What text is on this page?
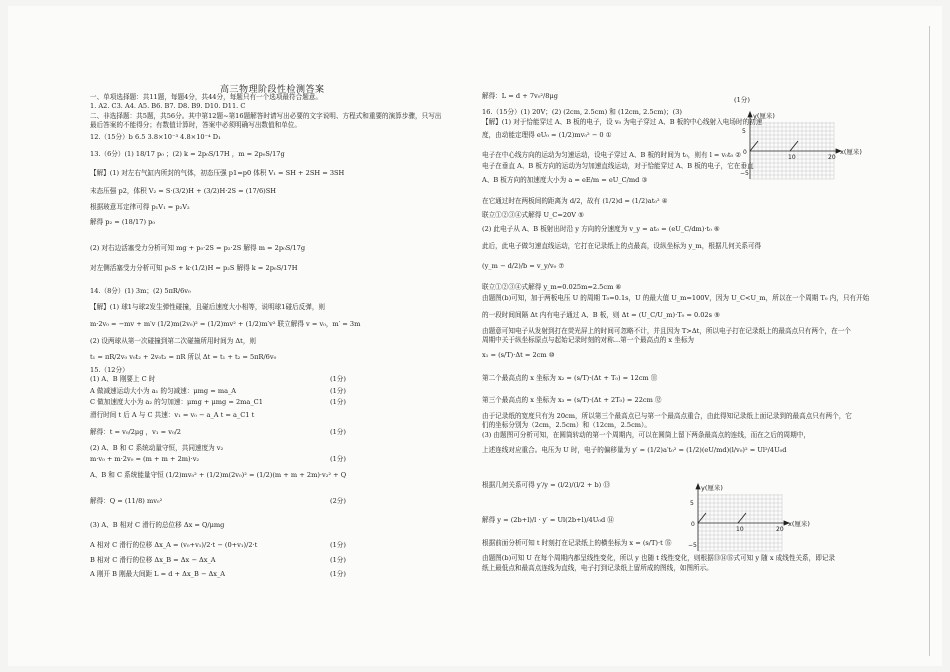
高三物理阶段性检测答案
一、单项选择题：共11题，每题4分，共44分，每题只有一个选项最符合题意。
1. A2. C3. A4. A5. B6. B7. D8. B9. D10. D11. C
二、非选择题：共5题，共56分。其中第12题~第16题解答时请写出必要的文字说明、方程式和重要的演算步骤，只写出
最后答案的不能得分；有数值计算时，答案中必须明确写出数值和单位。
12.（15分）b 6.5 3.8×10⁻³ 4.8×10⁻⁴ D₁
13.（6分）(1) 18/17 p₀ ；(2) k = 2p₀S/17H ，m = 2p₀S/17g
【解】(1) 对左右气缸内所封的气体，初态压强 p1=p0 体积 V₁ = SH + 2SH = 3SH
末态压强 p2，体积 V₂ = S·(3/2)H + (3/2)H·2S = (17/6)SH
根据玻意耳定律可得 p₁V₁ = p₂V₂
解得 p₂ = (18/17) p₀
(2) 对右边活塞受力分析可知 mg + p₀·2S = p₂·2S 解得 m = 2p₀S/17g
对左侧活塞受力分析可知 p₀S + k·(1/2)H = p₂S 解得 k = 2p₀S/17H
14.（8分）(1) 3m；(2) 5πR/6v₀
【解】(1) 球1与球2发生弹性碰撞，且碰后速度大小相等，说明球1碰后反弹，则
m·2v₀ = −mv + m′v (1/2)m(2v₀)² = (1/2)mv² + (1/2)m′v² 联立解得 v = v₀，m′ = 3m
(2) 设两球从第一次碰撞到第二次碰撞所用时间为 Δt，则
t₁ = πR/2v₀ v₀t₂ + 2v₀t₂ = πR 所以 Δt = t₁ + t₂ = 5πR/6v₀
15.（12分）
(1) A、B 刚要上 C 时
A 做减速运动大小为 a₁ 的匀减速：μmg = ma_A
C 做加速度大小为 a₂ 的匀加速：μmg + μmg = 2ma_C1
滑行时间 t 后 A 与 C 共速：v₁ = v₀ − a_A t = a_C1 t
解得：t = v₀/2μg ，v₁ = v₀/2
(2) A、B 和 C 系统动量守恒，共同速度为 v₂
m·v₀ + m·2v₀ = (m + m + 2m)·v₂
A、B 和 C 系统能量守恒 (1/2)mv₀² + (1/2)m(2v₀)² = (1/2)(m + m + 2m)·v₂² + Q
解得：Q = (11/8) mv₀²
(3) A、B 相对 C 滑行的总位移 Δx = Q/μmg
A 相对 C 滑行的位移 Δx_A = (v₀+v₁)/2·t − (0+v₁)/2·t
B 相对 C 滑行的位移 Δx_B = Δx − Δx_A
A 刚开 B 刚最大间距 L = d + Δx_B − Δx_A
(1分)
(1分)
(1分)
(1分)
(1分)
(2分)
(1分)
(1分)
(1分)
解得：L = d + 7v₀²/8μg
16.（15分）(1) 20V；(2) (2cm, 2.5cm) 和 (12cm, 2.5cm)；(3)
【解】(1) 对于恰能穿过 A、B 板的电子，设 v₀ 为电子穿过 A、B 板的中心线射入电场时的初速
度，由动能定理得 eU₀ = (1/2)mv₀² − 0 ①
电子在中心线方向的运动为匀速运动，设电子穿过 A、B 板的时间为 t₀，则有 l = v₀t₀ ②
电子在垂直 A、B 板方向的运动为匀加速直线运动，对于恰能穿过 A、B 板的电子，它在垂直
A、B 板方向的加速度大小为 a = eE/m = eU_C/md ③
在它通过时在两板间的距离为 d/2，故有 (1/2)d = (1/2)at₀² ④
联立①②③④式解得 U_C=20V ⑤
(2) 此电子从 A、B 板射出时沿 y 方向的分速度为 v_y = at₀ = (eU_C/dm)·t₀ ⑥
此后，此电子做匀速直线运动，它打在记录纸上的点最高，设纵坐标为 y_m，根据几何关系可得
(y_m − d/2)/b = v_y/v₀ ⑦
联立①②③④式解得 y_m=0.025m=2.5cm ⑧
由题图(b)可知，加于两板电压 U 的周期 T₀=0.1s，U 的最大值 U_m=100V，因为 U_C<U_m，所以在一个周期 T₀ 内，只有开始
的一段时间间隔 Δt 内有电子通过 A、B 板，则 Δt = (U_C/U_m)·T₀ = 0.02s ⑨
由题意可知电子从发射到打在荧光屏上的时间可忽略不计，并且因为 T>Δt，所以电子打在记录纸上的最高点只有两个，在一个
周期中关于纵坐标原点与起始记录时刻的对称...第一个最高点的 x 坐标为
x₁ = (s/T)·Δt = 2cm ⑩
第二个最高点的 x 坐标为 x₂ = (s/T)·(Δt + T₀) = 12cm ⑪
第三个最高点的 x 坐标为 x₃ = (s/T)·(Δt + 2T₀) = 22cm ⑫
由于记录纸的宽度只有为 20cm，所以第三个最高点已与第一个最高点重合，由此得知记录纸上面记录到的最高点只有两个，它
们的坐标分别为（2cm，2.5cm）和（12cm，2.5cm）。
(3) 由题图可分析可知，在圆筒转动的第一个周期内，可以在圆筒上留下两条最高点的连线，而在之后的周期中，
上述连线对应重合。电压为 U 时，电子的偏移量为 y′ = (1/2)a′t₀² = (1/2)(eU/md)(l/v₀)² = Ul²/4U₀d
根据几何关系可得 y′/y = (l/2)/(l/2 + b) ⑬
解得 y = (2b+l)/l · y′ = Ul(2b+l)/4U₀d ⑭
根据前面分析可知 t 时刻打在记录纸上的横坐标为 x = (s/T)·t ⑮
由题图(b)可知 U 在每个周期内都呈线性变化，所以 y 也随 t 线性变化，则根据⑬⑭⑮式可知 y 随 x 成线性关系，即记录
纸上最低点和最高点连线为直线，电子打到记录纸上留所成的图线，如图所示。
(1分)
y(厘米)
x(厘米)
5
0
−5
10	20
y(厘米)
x(厘米)
5
0
−5
10	20
